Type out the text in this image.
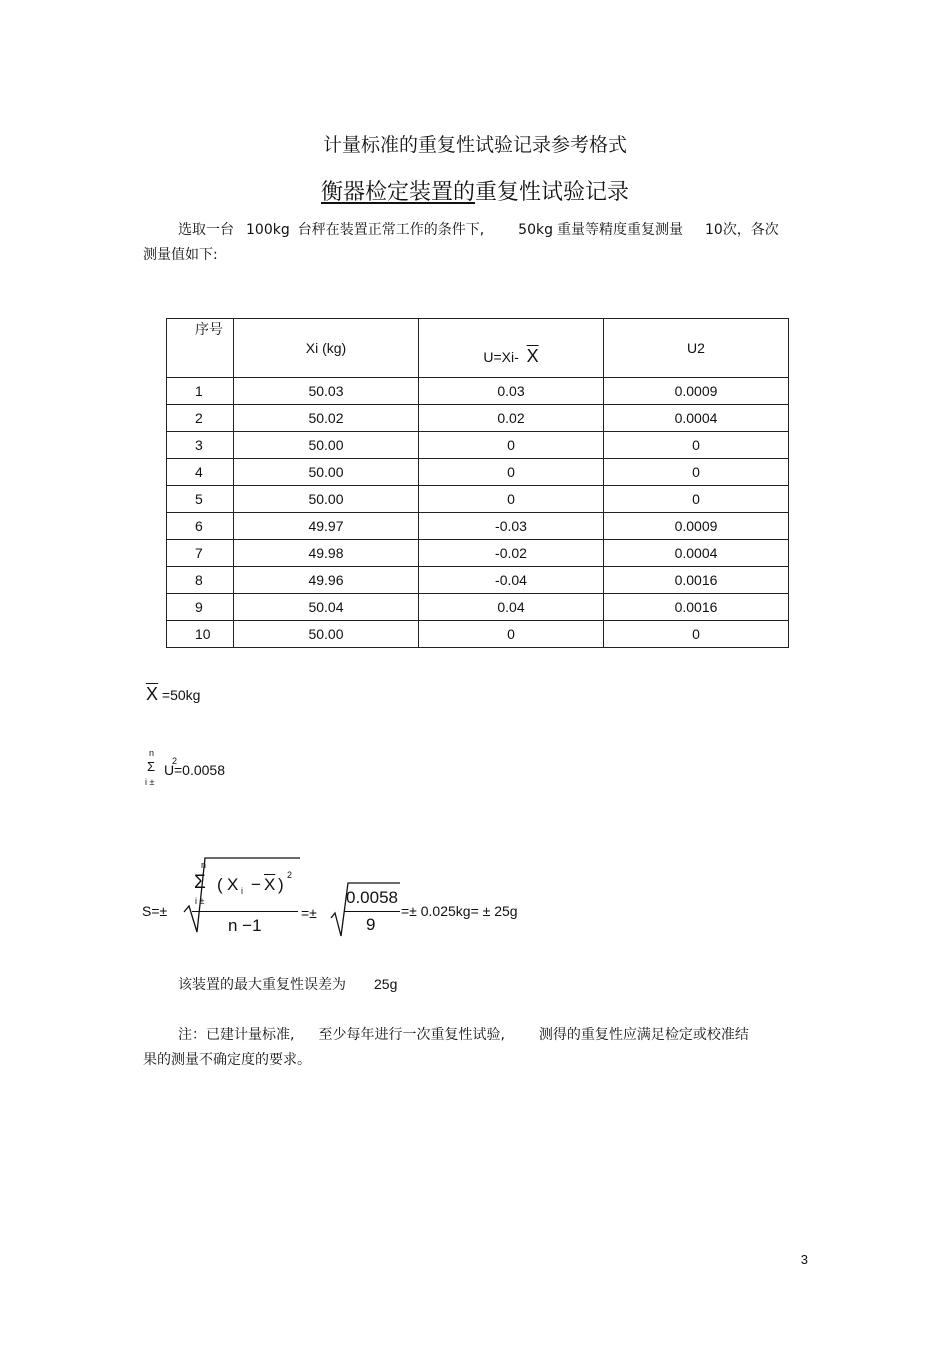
计量标准的重复性试验记录参考格式
衡器检定装置的重复性试验记录
选取一台 100kg 台秤在装置正常工作的条件下, 50kg 重量等精度重复测量 10次，各次
测量值如下:
序号	Xi (kg)	U=Xi- $\overline{X}$	U2
1	50.03	0.03	0.0009
2	50.02	0.02	0.0004
3	50.00	0	0
4	50.00	0	0
5	50.00	0	0
6	49.97	-0.03	0.0009
7	49.98	-0.02	0.0004
8	49.96	-0.04	0.0016
9	50.04	0.04	0.0016
10	50.00	0	0
$\overline{X} =50kg$
n
Σ
i ±
U
2
=0.0058
S=±
n
Σ
i ±
( X $i - \overline{X}$ ) 2
n −1
=±
0.0058
9
=± 0.025kg= ± 25g
该装置的最大重复性误差为 25g
注：已建计量标准, 至少每年进行一次重复性试验, 测得的重复性应满足检定或校准结
果的测量不确定度的要求。
3
